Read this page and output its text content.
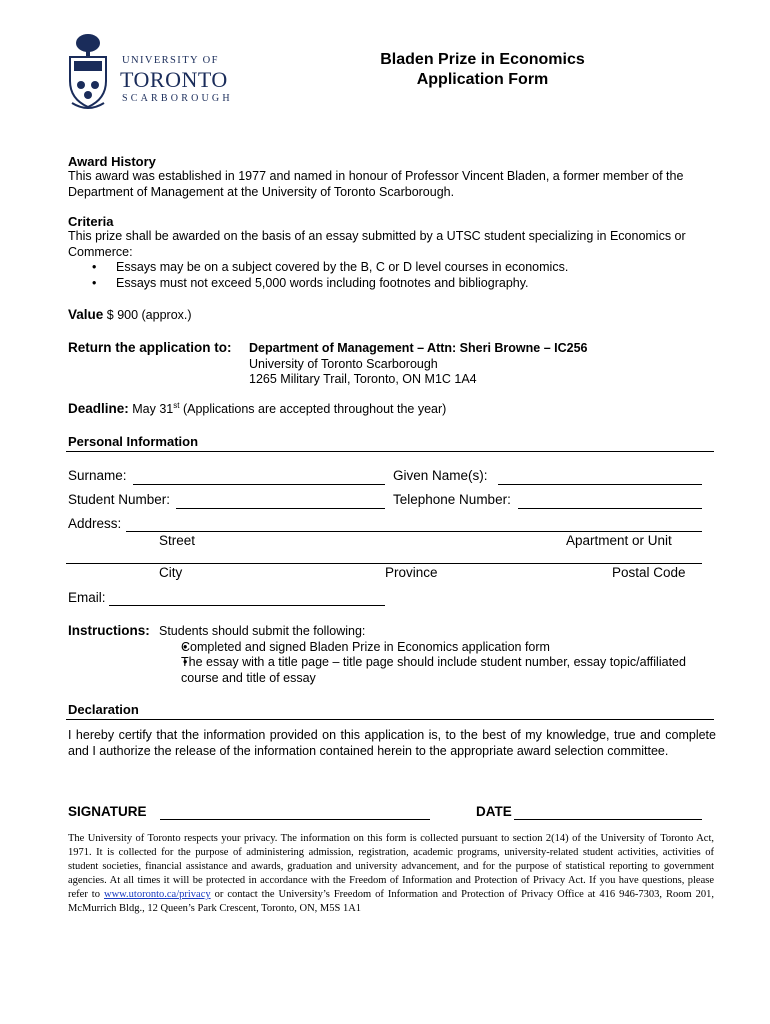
UNIVERSITY OF
TORONTO
SCARBOROUGH
Bladen Prize in Economics
Application Form
Award History
This award was established in 1977 and named in honour of Professor Vincent Bladen, a former member of the Department of Management at the University of Toronto Scarborough.
Criteria
This prize shall be awarded on the basis of an essay submitted by a UTSC student specializing in Economics or Commerce:
• Essays may be on a subject covered by the B, C or D level courses in economics.
• Essays must not exceed 5,000 words including footnotes and bibliography.
Value $ 900 (approx.)
Return the application to: Department of Management – Attn: Sheri Browne – IC256
University of Toronto Scarborough
1265 Military Trail, Toronto, ON M1C 1A4
Deadline: May 31st (Applications are accepted throughout the year)
Personal Information
Surname:	Given Name(s):
Student Number:	Telephone Number:
Address:
Street	Apartment or Unit
City	Province	Postal Code
Email:
Instructions: Students should submit the following:
• Completed and signed Bladen Prize in Economics application form
• The essay with a title page – title page should include student number, essay topic/affiliated course and title of essay
Declaration
I hereby certify that the information provided on this application is, to the best of my knowledge, true and complete and I authorize the release of the information contained herein to the appropriate award selection committee.
SIGNATURE	DATE
The University of Toronto respects your privacy. The information on this form is collected pursuant to section 2(14) of the University of Toronto Act, 1971. It is collected for the purpose of administering admission, registration, academic programs, university-related student activities, activities of student societies, financial assistance and awards, graduation and university advancement, and for the purpose of statistical reporting to government agencies. At all times it will be protected in accordance with the Freedom of Information and Protection of Privacy Act. If you have questions, please refer to www.utoronto.ca/privacy or contact the University’s Freedom of Information and Protection of Privacy Office at 416 946-7303, Room 201, McMurrich Bldg., 12 Queen’s Park Crescent, Toronto, ON, M5S 1A1
